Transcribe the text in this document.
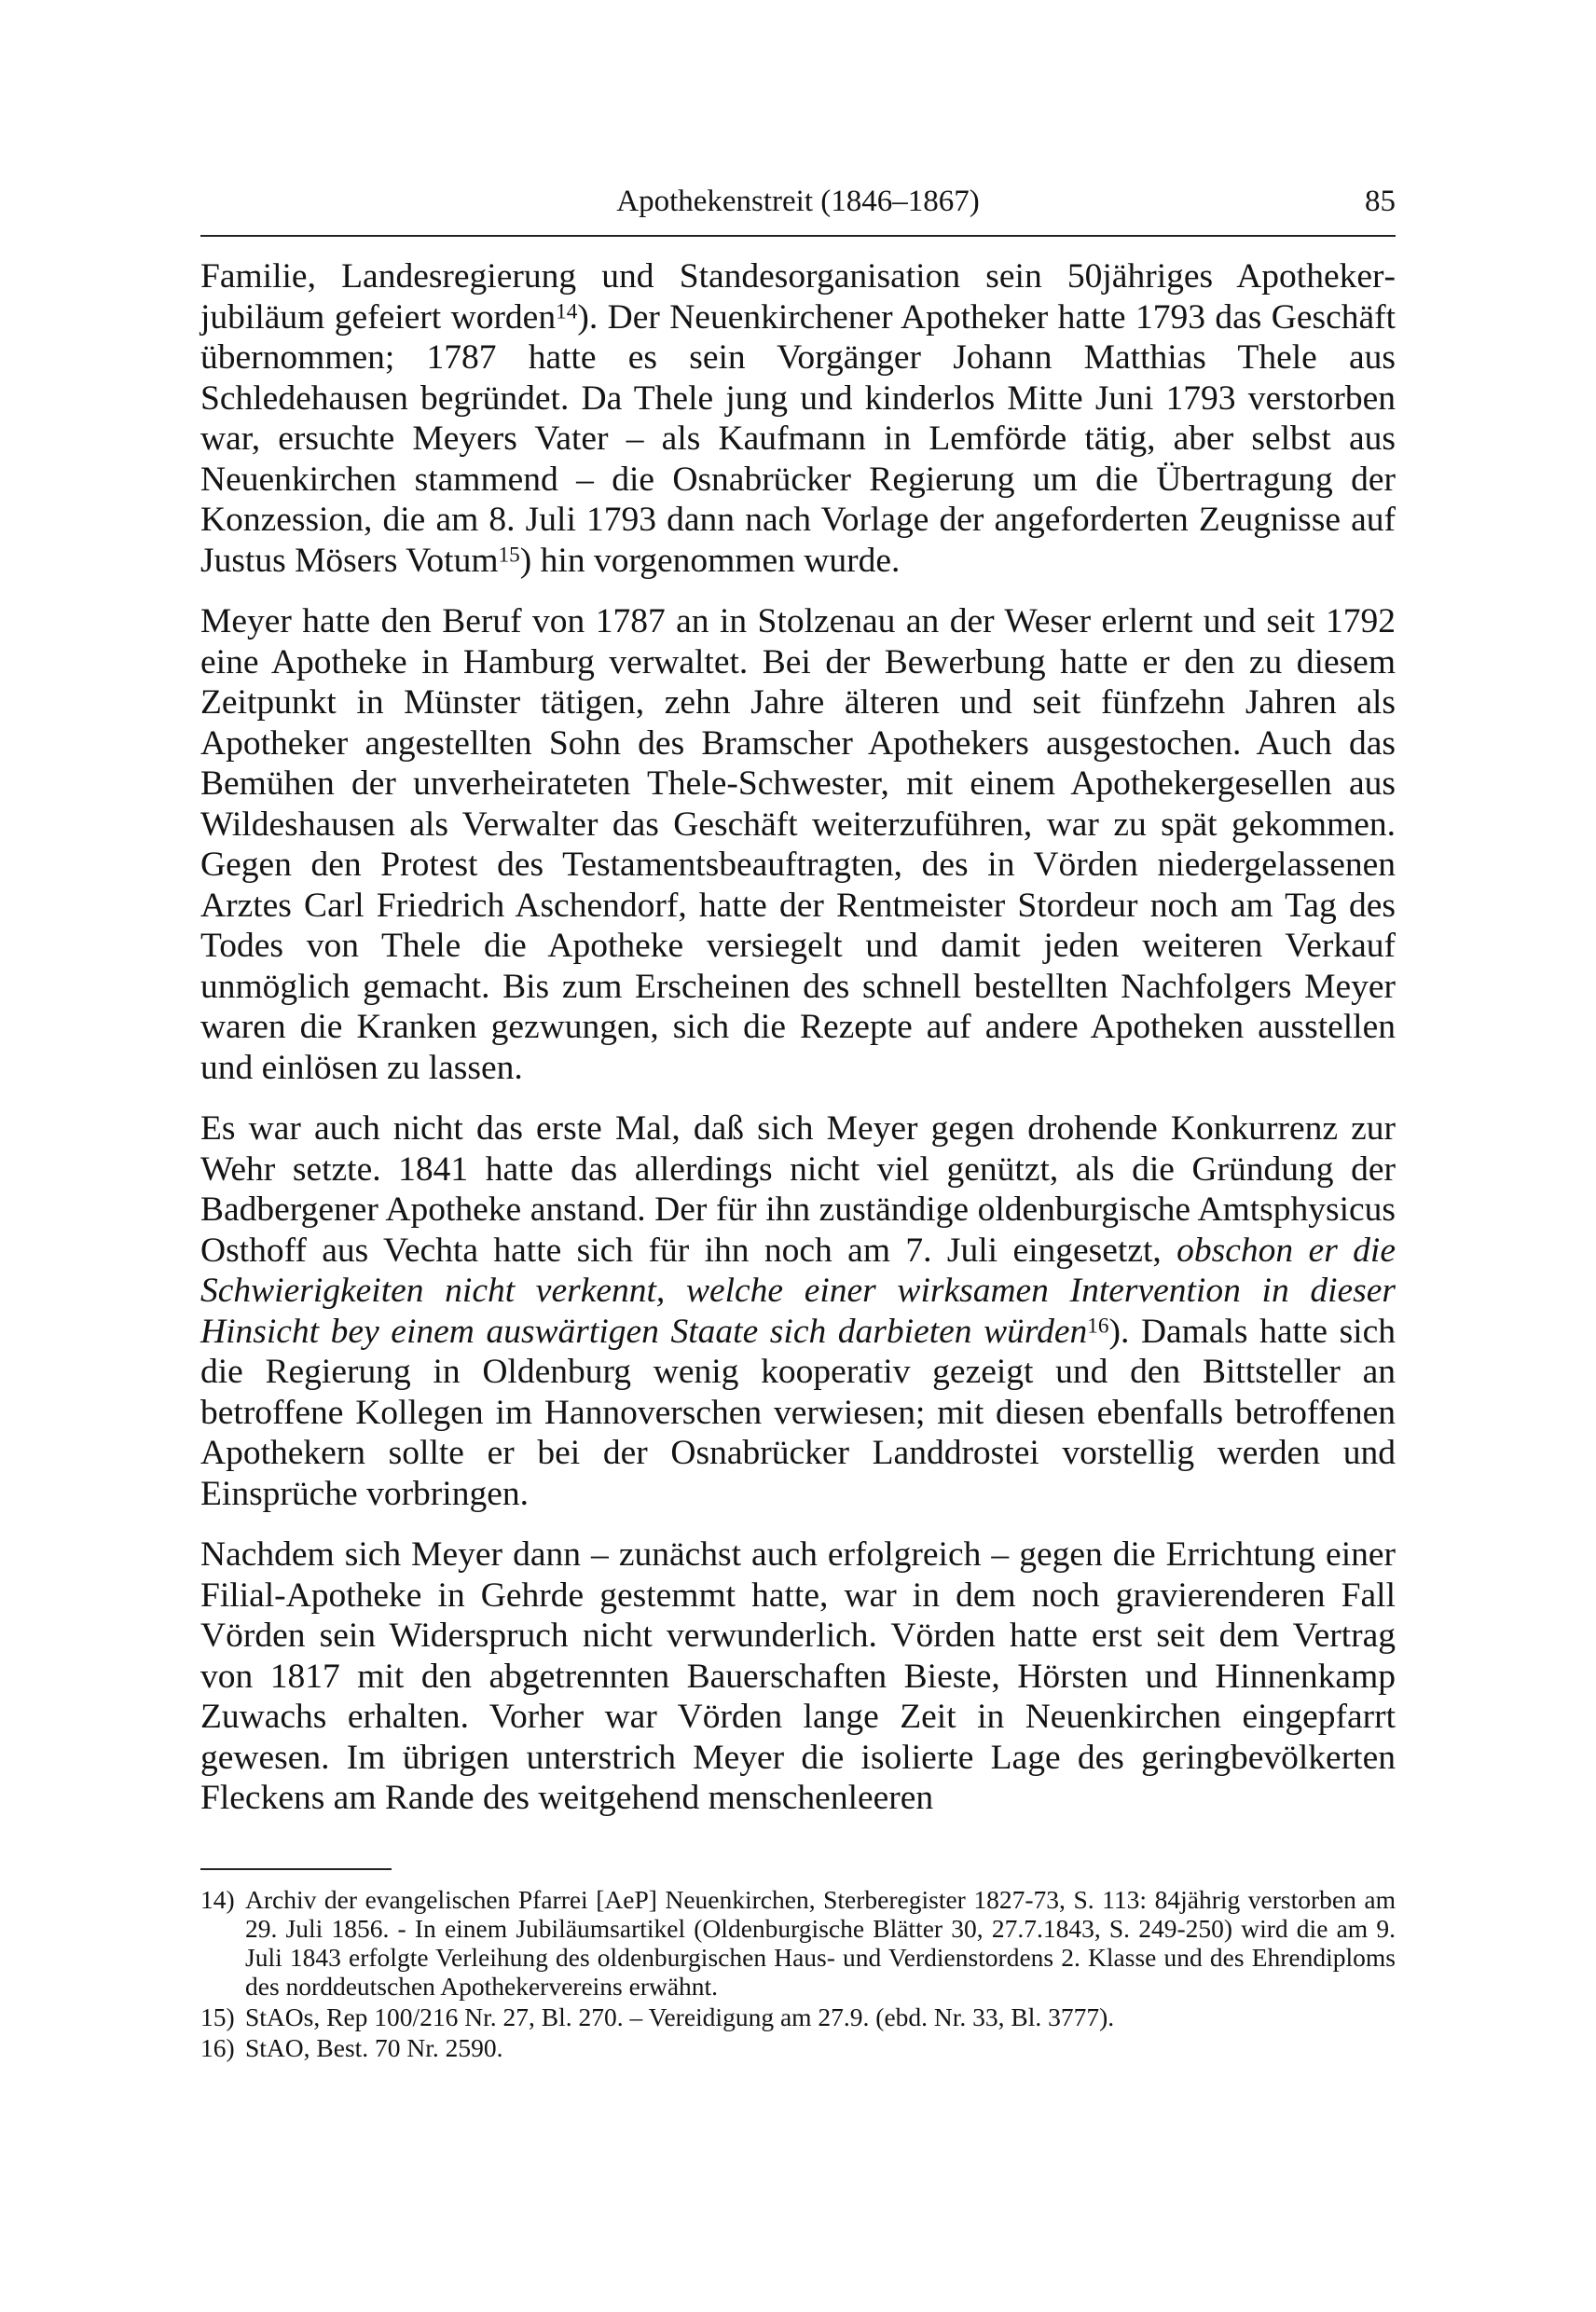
Apothekenstreit (1846–1867)	85

Familie, Landesregierung und Standesorganisation sein 50jähriges Apothekerjubiläum gefeiert worden$^{14}$). Der Neuenkirchener Apotheker hatte 1793 das Geschäft übernommen; 1787 hatte es sein Vorgänger Johann Matthias Thele aus Schledehausen begründet. Da Thele jung und kinderlos Mitte Juni 1793 verstorben war, ersuchte Meyers Vater – als Kaufmann in Lemförde tätig, aber selbst aus Neuenkirchen stammend – die Osnabrücker Regierung um die Übertragung der Konzession, die am 8. Juli 1793 dann nach Vorlage der angeforderten Zeugnisse auf Justus Mösers Votum$^{15}$) hin vorgenommen wurde.

Meyer hatte den Beruf von 1787 an in Stolzenau an der Weser erlernt und seit 1792 eine Apotheke in Hamburg verwaltet. Bei der Bewerbung hatte er den zu diesem Zeitpunkt in Münster tätigen, zehn Jahre älteren und seit fünfzehn Jahren als Apotheker angestellten Sohn des Bramscher Apothekers ausgestochen. Auch das Bemühen der unverheirateten Thele-Schwester, mit einem Apothekergesellen aus Wildeshausen als Verwalter das Geschäft weiterzuführen, war zu spät gekommen. Gegen den Protest des Testamentsbeauftragten, des in Vörden niedergelassenen Arztes Carl Friedrich Aschendorf, hatte der Rentmeister Stordeur noch am Tag des Todes von Thele die Apotheke versiegelt und damit jeden weiteren Verkauf unmöglich gemacht. Bis zum Erscheinen des schnell bestellten Nachfolgers Meyer waren die Kranken gezwungen, sich die Rezepte auf andere Apotheken ausstellen und einlösen zu lassen.

Es war auch nicht das erste Mal, daß sich Meyer gegen drohende Konkurrenz zur Wehr setzte. 1841 hatte das allerdings nicht viel genützt, als die Gründung der Badbergener Apotheke anstand. Der für ihn zuständige oldenburgische Amtsphysicus Osthoff aus Vechta hatte sich für ihn noch am 7. Juli eingesetzt, obschon er die Schwierigkeiten nicht verkennt, welche einer wirksamen Intervention in dieser Hinsicht bey einem auswärtigen Staate sich darbieten würden$^{16}$). Damals hatte sich die Regierung in Oldenburg wenig kooperativ gezeigt und den Bittsteller an betroffene Kollegen im Hannoverschen verwiesen; mit diesen ebenfalls betroffenen Apothekern sollte er bei der Osnabrücker Landdrostei vorstellig werden und Einsprüche vorbringen.

Nachdem sich Meyer dann – zunächst auch erfolgreich – gegen die Errichtung einer Filial-Apotheke in Gehrde gestemmt hatte, war in dem noch gravierenderen Fall Vörden sein Widerspruch nicht verwunderlich. Vörden hatte erst seit dem Vertrag von 1817 mit den abgetrennten Bauerschaften Bieste, Hörsten und Hinnenkamp Zuwachs erhalten. Vorher war Vörden lange Zeit in Neuenkirchen eingepfarrt gewesen. Im übrigen unterstrich Meyer die isolierte Lage des geringbevölkerten Fleckens am Rande des weitgehend menschenleeren

14) Archiv der evangelischen Pfarrei [AeP] Neuenkirchen, Sterberegister 1827-73, S. 113: 84jährig verstorben am 29. Juli 1856. - In einem Jubiläumsartikel (Oldenburgische Blätter 30, 27.7.1843, S. 249-250) wird die am 9. Juli 1843 erfolgte Verleihung des oldenburgischen Haus- und Verdienstordens 2. Klasse und des Ehrendiploms des norddeutschen Apothekervereins erwähnt.
15) StAOs, Rep 100/216 Nr. 27, Bl. 270. – Vereidigung am 27.9. (ebd. Nr. 33, Bl. 3777).
16) StAO, Best. 70 Nr. 2590.
